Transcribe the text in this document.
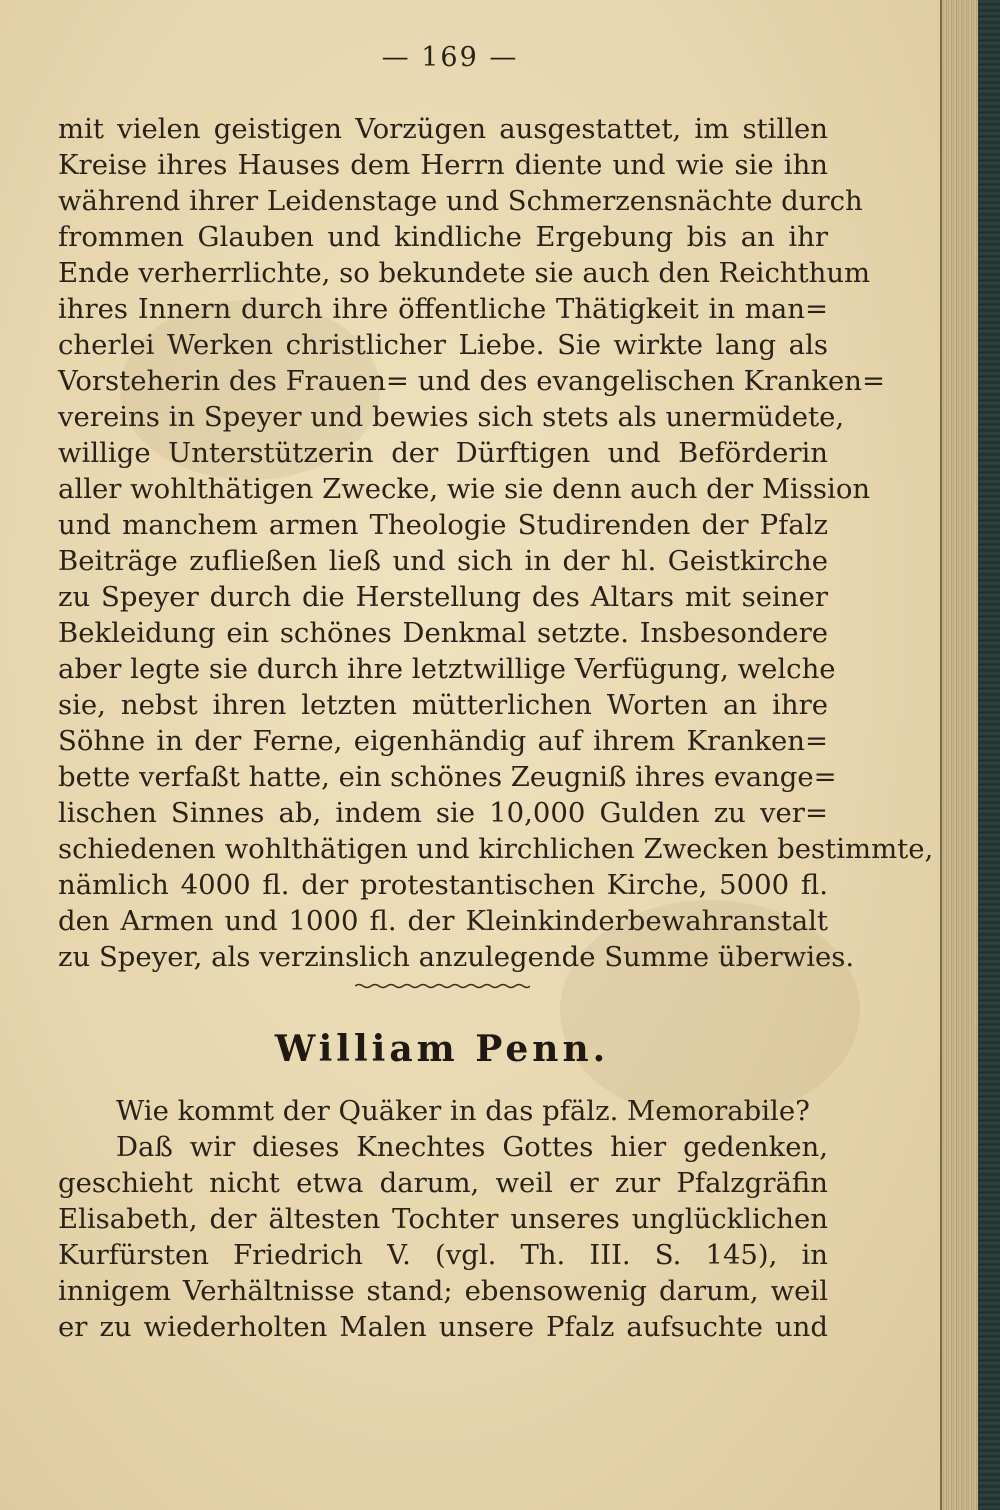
— 169 —
mit vielen geistigen Vorzügen ausgestattet, im stillen
Kreise ihres Hauses dem Herrn diente und wie sie ihn
während ihrer Leidenstage und Schmerzensnächte durch
frommen Glauben und kindliche Ergebung bis an ihr
Ende verherrlichte, so bekundete sie auch den Reichthum
ihres Innern durch ihre öffentliche Thätigkeit in man=
cherlei Werken christlicher Liebe. Sie wirkte lang als
Vorsteherin des Frauen= und des evangelischen Kranken=
vereins in Speyer und bewies sich stets als unermüdete,
willige Unterstützerin der Dürftigen und Beförderin
aller wohlthätigen Zwecke, wie sie denn auch der Mission
und manchem armen Theologie Studirenden der Pfalz
Beiträge zufließen ließ und sich in der hl. Geistkirche
zu Speyer durch die Herstellung des Altars mit seiner
Bekleidung ein schönes Denkmal setzte. Insbesondere
aber legte sie durch ihre letztwillige Verfügung, welche
sie, nebst ihren letzten mütterlichen Worten an ihre
Söhne in der Ferne, eigenhändig auf ihrem Kranken=
bette verfaßt hatte, ein schönes Zeugniß ihres evange=
lischen Sinnes ab, indem sie 10,000 Gulden zu ver=
schiedenen wohlthätigen und kirchlichen Zwecken bestimmte,
nämlich 4000 fl. der protestantischen Kirche, 5000 fl.
den Armen und 1000 fl. der Kleinkinderbewahranstalt
zu Speyer, als verzinslich anzulegende Summe überwies.
William Penn.
Wie kommt der Quäker in das pfälz. Memorabile?
Daß wir dieses Knechtes Gottes hier gedenken,
geschieht nicht etwa darum, weil er zur Pfalzgräfin
Elisabeth, der ältesten Tochter unseres unglücklichen
Kurfürsten Friedrich V. (vgl. Th. III. S. 145), in
innigem Verhältnisse stand; ebensowenig darum, weil
er zu wiederholten Malen unsere Pfalz aufsuchte und
